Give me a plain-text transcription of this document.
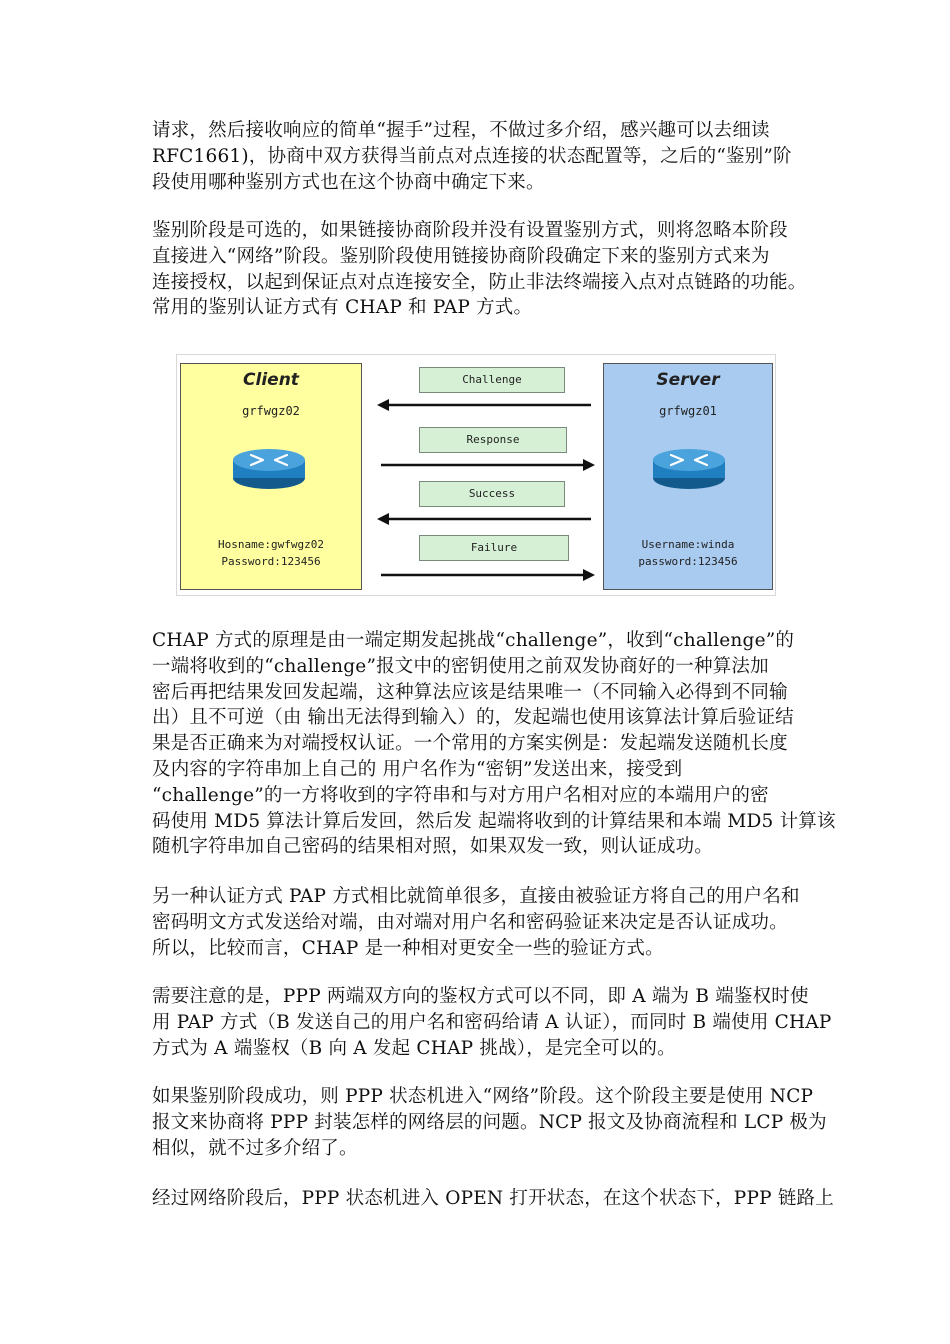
请求，然后接收响应的简单“握手”过程，不做过多介绍，感兴趣可以去细读
RFC1661)，协商中双方获得当前点对点连接的状态配置等，之后的“鉴别”阶
段使用哪种鉴别方式也在这个协商中确定下来。
鉴别阶段是可选的，如果链接协商阶段并没有设置鉴别方式，则将忽略本阶段
直接进入“网络”阶段。鉴别阶段使用链接协商阶段确定下来的鉴别方式来为
连接授权，以起到保证点对点连接安全，防止非法终端接入点对点链路的功能。
常用的鉴别认证方式有 CHAP 和 PAP 方式。
Client
grfwgz02
Hosname:gwfwgz02
Password:123456
Challenge
Response
Success
Failure
Server
grfwgz01
Username:winda
password:123456
CHAP 方式的原理是由一端定期发起挑战“challenge”，收到“challenge”的
一端将收到的“challenge”报文中的密钥使用之前双发协商好的一种算法加
密后再把结果发回发起端，这种算法应该是结果唯一（不同输入必得到不同输
出）且不可逆（由 输出无法得到输入）的，发起端也使用该算法计算后验证结
果是否正确来为对端授权认证。一个常用的方案实例是：发起端发送随机长度
及内容的字符串加上自己的 用户名作为“密钥”发送出来，接受到
“challenge”的一方将收到的字符串和与对方用户名相对应的本端用户的密
码使用 MD5 算法计算后发回，然后发 起端将收到的计算结果和本端 MD5 计算该
随机字符串加自己密码的结果相对照，如果双发一致，则认证成功。
另一种认证方式 PAP 方式相比就简单很多，直接由被验证方将自己的用户名和
密码明文方式发送给对端，由对端对用户名和密码验证来决定是否认证成功。
所以，比较而言，CHAP 是一种相对更安全一些的验证方式。
需要注意的是，PPP 两端双方向的鉴权方式可以不同，即 A 端为 B 端鉴权时使
用 PAP 方式（B 发送自己的用户名和密码给请 A 认证），而同时 B 端使用 CHAP
方式为 A 端鉴权（B 向 A 发起 CHAP 挑战），是完全可以的。
如果鉴别阶段成功，则 PPP 状态机进入“网络”阶段。这个阶段主要是使用 NCP
报文来协商将 PPP 封装怎样的网络层的问题。NCP 报文及协商流程和 LCP 极为
相似，就不过多介绍了。
经过网络阶段后，PPP 状态机进入 OPEN 打开状态，在这个状态下，PPP 链路上
